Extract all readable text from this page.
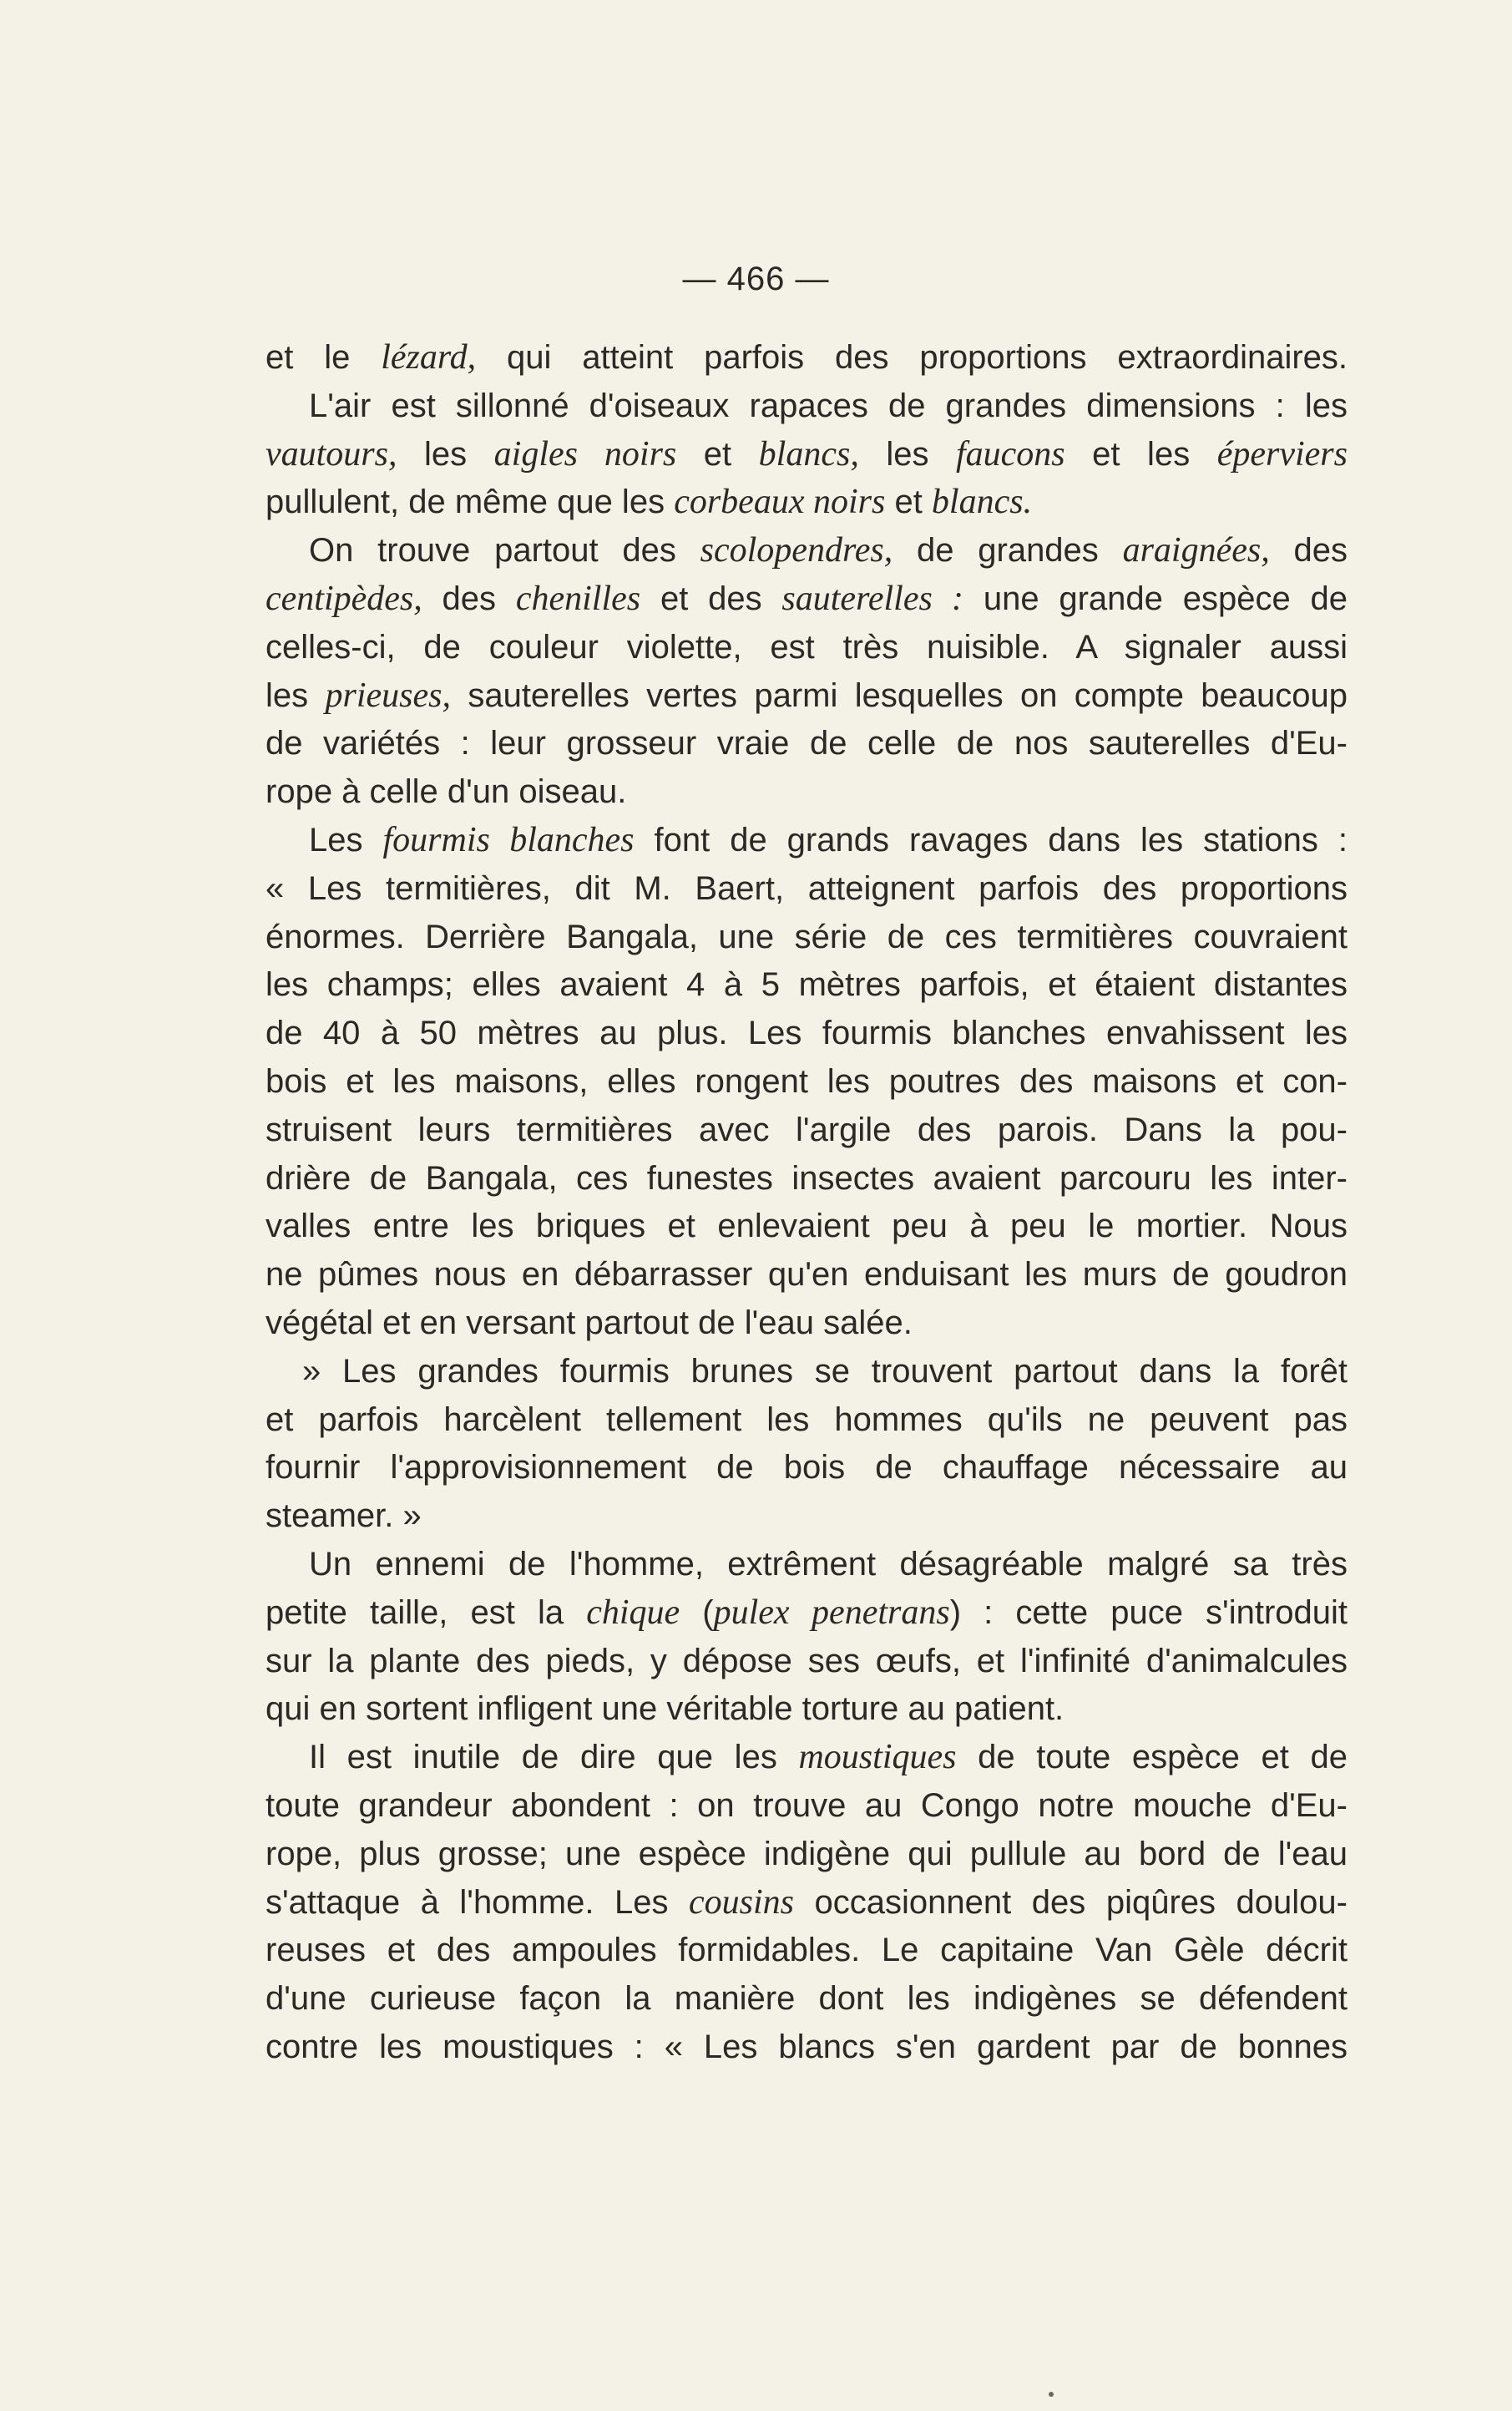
— 466 —
et le lézard, qui atteint parfois des proportions extraordinaires.
L'air est sillonné d'oiseaux rapaces de grandes dimensions : les
vautours, les aigles noirs et blancs, les faucons et les éperviers
pullulent, de même que les corbeaux noirs et blancs.
On trouve partout des scolopendres, de grandes araignées, des
centipèdes, des chenilles et des sauterelles : une grande espèce de
celles-ci, de couleur violette, est très nuisible. A signaler aussi
les prieuses, sauterelles vertes parmi lesquelles on compte beaucoup
de variétés : leur grosseur vraie de celle de nos sauterelles d'Eu-
rope à celle d'un oiseau.
Les fourmis blanches font de grands ravages dans les stations :
« Les termitières, dit M. Baert, atteignent parfois des proportions
énormes. Derrière Bangala, une série de ces termitières couvraient
les champs; elles avaient 4 à 5 mètres parfois, et étaient distantes
de 40 à 50 mètres au plus. Les fourmis blanches envahissent les
bois et les maisons, elles rongent les poutres des maisons et con-
struisent leurs termitières avec l'argile des parois. Dans la pou-
drière de Bangala, ces funestes insectes avaient parcouru les inter-
valles entre les briques et enlevaient peu à peu le mortier. Nous
ne pûmes nous en débarrasser qu'en enduisant les murs de goudron
végétal et en versant partout de l'eau salée.
» Les grandes fourmis brunes se trouvent partout dans la forêt
et parfois harcèlent tellement les hommes qu'ils ne peuvent pas
fournir l'approvisionnement de bois de chauffage nécessaire au
steamer. »
Un ennemi de l'homme, extrêment désagréable malgré sa très
petite taille, est la chique (pulex penetrans) : cette puce s'introduit
sur la plante des pieds, y dépose ses œufs, et l'infinité d'animalcules
qui en sortent infligent une véritable torture au patient.
Il est inutile de dire que les moustiques de toute espèce et de
toute grandeur abondent : on trouve au Congo notre mouche d'Eu-
rope, plus grosse; une espèce indigène qui pullule au bord de l'eau
s'attaque à l'homme. Les cousins occasionnent des piqûres doulou-
reuses et des ampoules formidables. Le capitaine Van Gèle décrit
d'une curieuse façon la manière dont les indigènes se défendent
contre les moustiques : « Les blancs s'en gardent par de bonnes
